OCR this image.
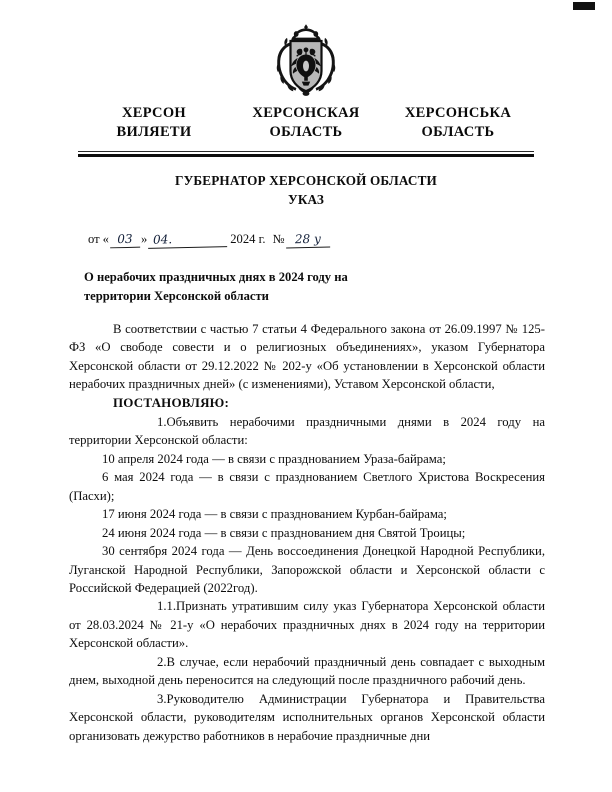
ХЕРСОН
ВИЛЯЕТИ
ХЕРСОНСКАЯ
ОБЛАСТЬ
ХЕРСОНСЬКА
ОБЛАСТЬ
ГУБЕРНАТОР ХЕРСОНСКОЙ ОБЛАСТИ
УКАЗ
от « 03 » 04.	2024 г. № 28 у
О нерабочих праздничных днях в 2024 году на территории Херсонской области

В соответствии с частью 7 статьи 4 Федерального закона от 26.09.1997 № 125- ФЗ «О свободе совести и о религиозных объединениях», указом Губернатора Херсонской области от 29.12.2022 № 202-у «Об установлении в Херсонской области нерабочих праздничных дней» (с изменениями), Уставом Херсонской области,

ПОСТАНОВЛЯЮ:

1.Объявить нерабочими праздничными днями в 2024 году на территории Херсонской области:

10 апреля 2024 года — в связи с празднованием Ураза-байрама;

6 мая 2024 года — в связи с празднованием Светлого Христова Воскресения (Пасхи);

17 июня 2024 года — в связи с празднованием Курбан-байрама;

24 июня 2024 года — в связи с празднованием дня Святой Троицы;

30 сентября 2024 года — День воссоединения Донецкой Народной Республики, Луганской Народной Республики, Запорожской области и Херсонской области с Российской Федерацией (2022год).

1.1.Признать утратившим силу указ Губернатора Херсонской области от 28.03.2024 № 21-у «О нерабочих праздничных днях в 2024 году на территории Херсонской области».

2.В случае, если нерабочий праздничный день совпадает с выходным днем, выходной день переносится на следующий после праздничного рабочий день.

3.Руководителю Администрации Губернатора и Правительства Херсонской области, руководителям исполнительных органов Херсонской области организовать дежурство работников в нерабочие праздничные дни
